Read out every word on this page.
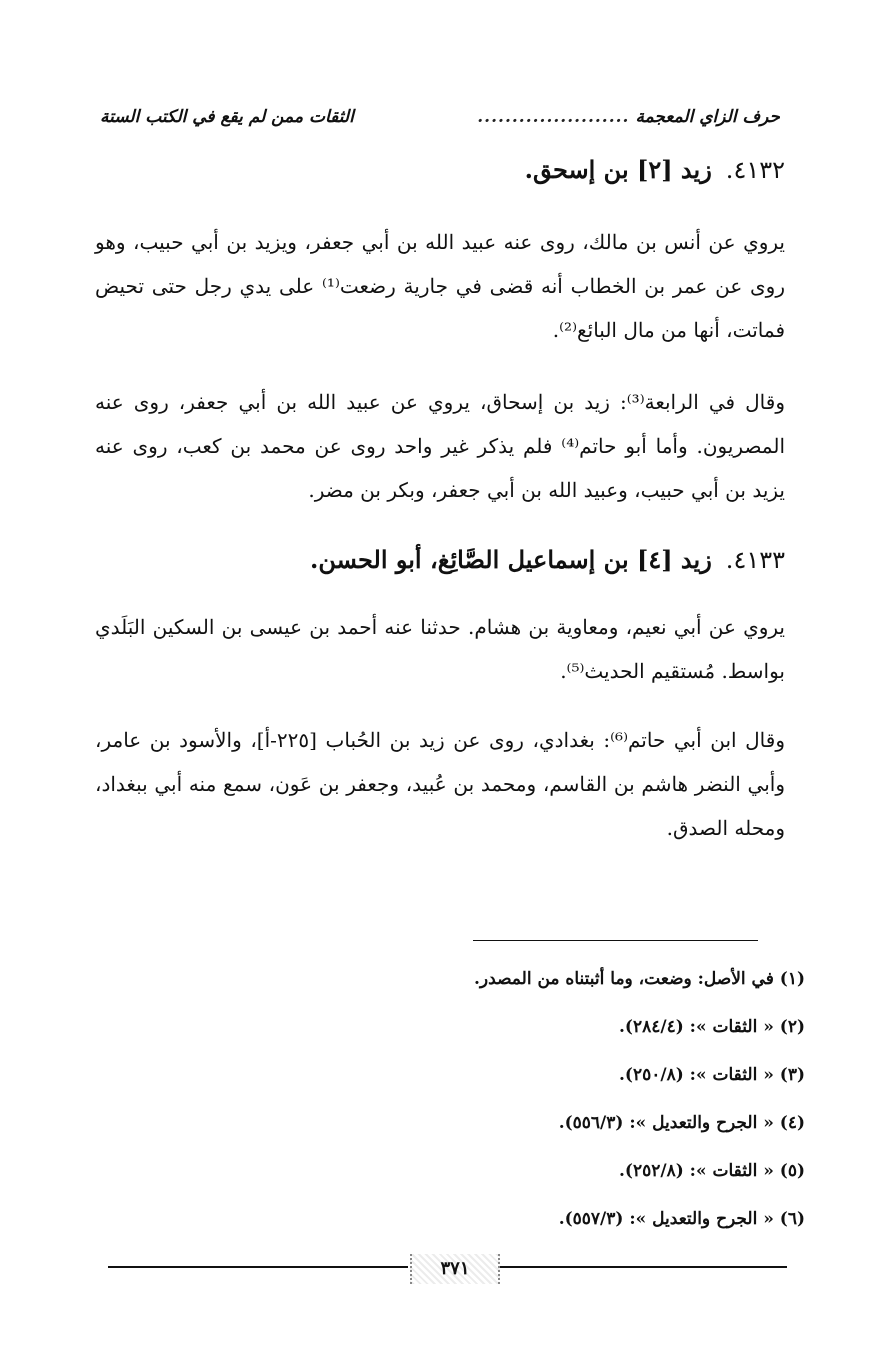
حرف الزاي المعجمة
......................
الثقات ممن لم يقع في الكتب الستة
٤١٣٢.زيد [٢] بن إسحق.
يروي عن أنس بن مالك، روى عنه عبيد الله بن أبي جعفر، ويزيد بن أبي حبيب، وهو روى عن عمر بن الخطاب أنه قضى في جارية رضعت⁽¹⁾ على يدي رجل حتى تحيض فماتت، أنها من مال البائع⁽²⁾.
وقال في الرابعة⁽³⁾: زيد بن إسحاق، يروي عن عبيد الله بن أبي جعفر، روى عنه المصريون. وأما أبو حاتم⁽⁴⁾ فلم يذكر غير واحد روى عن محمد بن كعب، روى عنه يزيد بن أبي حبيب، وعبيد الله بن أبي جعفر، وبكر بن مضر.
٤١٣٣.زيد [٤] بن إسماعيل الصَّائِغ، أبو الحسن.
يروي عن أبي نعيم، ومعاوية بن هشام. حدثنا عنه أحمد بن عيسى بن السكين البَلَدي بواسط. مُستقيم الحديث⁽⁵⁾.
وقال ابن أبي حاتم⁽⁶⁾: بغدادي، روى عن زيد بن الحُباب [٢٢٥-أ]، والأسود بن عامر، وأبي النضر هاشم بن القاسم، ومحمد بن عُبيد، وجعفر بن عَون، سمع منه أبي ببغداد، ومحله الصدق.
(١) في الأصل: وضعت، وما أثبتناه من المصدر.
(٢) « الثقات »: (٢٨٤/٤).
(٣) « الثقات »: (٢٥٠/٨).
(٤) « الجرح والتعديل »: (٥٥٦/٣).
(٥) « الثقات »: (٢٥٢/٨).
(٦) « الجرح والتعديل »: (٥٥٧/٣).
٣٧١
